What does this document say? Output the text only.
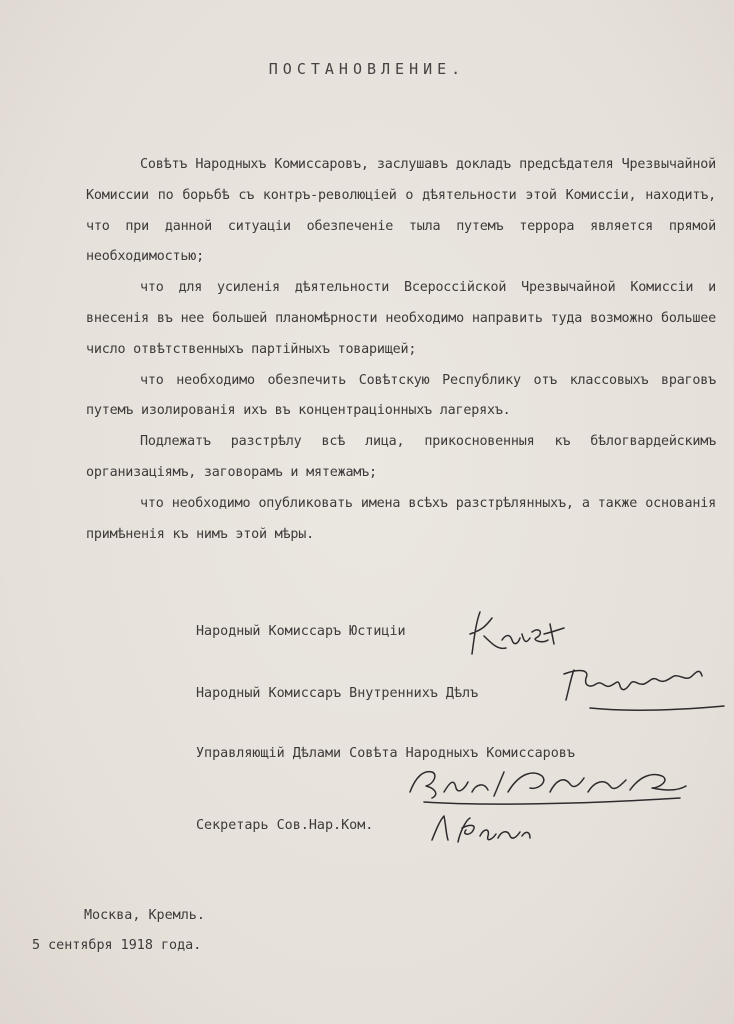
ПОСТАНОВЛЕНИЕ.

Совѣтъ Народныхъ Комиссаровъ, заслушавъ докладъ предсѣдателя Чрезвычайной Комиссии по борьбѣ съ контръ-революцiей о дѣятельности этой Комиссiи, находитъ, что при данной ситуацiи обезпеченiе тыла путемъ террора является прямой необходимостью;

что для усиленiя дѣятельности Всероссiйской Чрезвычайной Комиссiи и внесенiя въ нее большей планомѣрности необходимо направить туда возможно большее число отвѣтственныхъ партiйныхъ товарищей;

что необходимо обезпечить Совѣтскую Республику отъ классовыхъ враговъ путемъ изолированiя ихъ въ концентрацiонныхъ лагеряхъ.

Подлежатъ разстрѣлу всѣ лица, прикосновенныя къ бѣлогвардейскимъ организацiямъ, заговорамъ и мятежамъ;

что необходимо опубликовать имена всѣхъ разстрѣлянныхъ, а также основанiя примѣненiя къ нимъ этой мѣры.

Народный Комиссаръ Юстицiи
Народный Комиссаръ Внутреннихъ Дѣлъ
Управляющiй Дѣлами Совѣта Народныхъ Комиссаровъ
Секретарь Сов.Нар.Ком.
Москва, Кремль.
5 сентября 1918 года.
